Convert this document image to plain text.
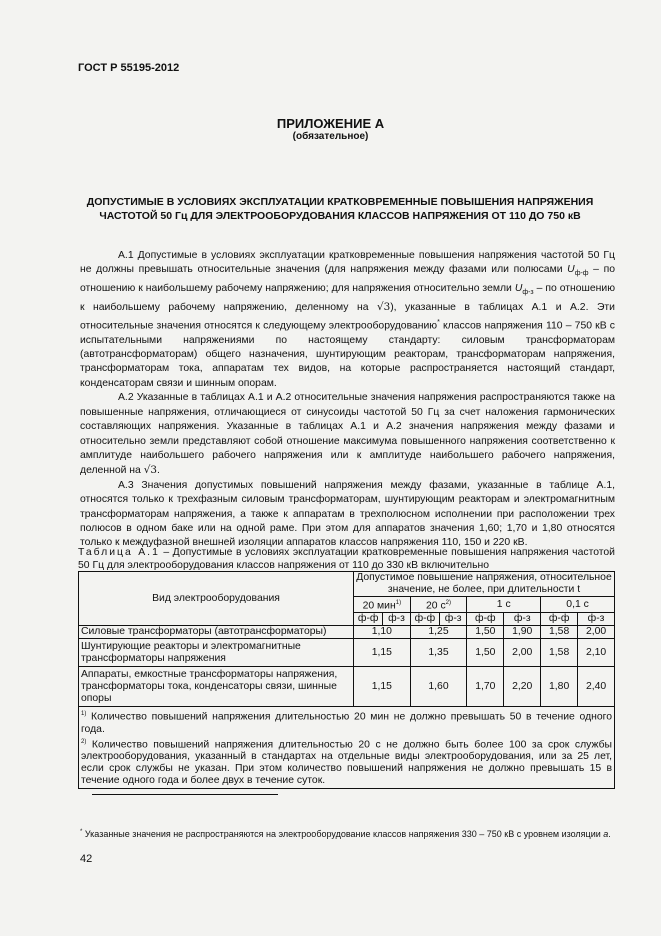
ГОСТ Р 55195-2012
ПРИЛОЖЕНИЕ А
(обязательное)
ДОПУСТИМЫЕ В УСЛОВИЯХ ЭКСПЛУАТАЦИИ КРАТКОВРЕМЕННЫЕ ПОВЫШЕНИЯ НАПРЯЖЕНИЯ ЧАСТОТОЙ 50 Гц ДЛЯ ЭЛЕКТРООБОРУДОВАНИЯ КЛАССОВ НАПРЯЖЕНИЯ ОТ 110 ДО 750 кВ

А.1 Допустимые в условиях эксплуатации кратковременные повышения напряжения частотой 50 Гц не должны превышать относительные значения (для напряжения между фазами или полюсами $U_{ф-ф}$ – по отношению к наибольшему рабочему напряжению; для напряжения относительно земли $U_{ф-з}$ – по отношению к наибольшему рабочему напряжению, деленному на √3), указанные в таблицах А.1 и А.2. Эти относительные значения относятся к следующему электрооборудованию* классов напряжения 110 – 750 кВ с испытательными напряжениями по настоящему стандарту: силовым трансформаторам (автотрансформаторам) общего назначения, шунтирующим реакторам, трансформаторам напряжения, трансформаторам тока, аппаратам тех видов, на которые распространяется настоящий стандарт, конденсаторам связи и шинным опорам.

А.2 Указанные в таблицах А.1 и А.2 относительные значения напряжения распространяются также на повышенные напряжения, отличающиеся от синусоиды частотой 50 Гц за счет наложения гармонических составляющих напряжения. Указанные в таблицах А.1 и А.2 значения напряжения между фазами и относительно земли представляют собой отношение максимума повышенного напряжения соответственно к амплитуде наибольшего рабочего напряжения или к амплитуде наибольшего рабочего напряжения, деленной на √3.

А.3 Значения допустимых повышений напряжения между фазами, указанные в таблице А.1, относятся только к трехфазным силовым трансформаторам, шунтирующим реакторам и электромагнитным трансформаторам напряжения, а также к аппаратам в трехполюсном исполнении при расположении трех полюсов в одном баке или на одной раме. При этом для аппаратов значения 1,60; 1,70 и 1,80 относятся только к междуфазной внешней изоляции аппаратов классов напряжения 110, 150 и 220 кВ.

Таблица А.1 – Допустимые в условиях эксплуатации кратковременные повышения напряжения частотой 50 Гц для электрооборудования классов напряжения от 110 до 330 кВ включительно
Вид электрооборудования	Допустимое повышение напряжения, относительное значение, не более, при длительности t							
	20 мин$^{1)}$		20 $с^{2)}$		1 с		0,1 с	
	ф-ф	ф-з	ф-ф	ф-з	ф-ф	ф-з	ф-ф	ф-з
Силовые трансформаторы (автотрансформаторы)	1,10		1,25		1,50	1,90	1,58	2,00
Шунтирующие реакторы и электромагнитные трансформаторы напряжения	1,15		1,35		1,50	2,00	1,58	2,10
Аппараты, емкостные трансформаторы напряжения, трансформаторы тока, конденсаторы связи, шинные опоры	1,15		1,60		1,70	2,20	1,80	2,40

$^{1)}$ Количество повышений напряжения длительностью 20 мин не должно превышать 50 в течение одного года.
$^{2)}$ Количество повышений напряжения длительностью 20 с не должно быть более 100 за срок службы электрооборудования, указанный в стандартах на отдельные виды электрооборудования, или за 25 лет, если срок службы не указан. При этом количество повышений напряжения не должно превышать 15 в течение одного года и более двух в течение суток.								
* Указанные значения не распространяются на электрооборудование классов напряжения 330 – 750 кВ с уровнем изоляции а.
42
